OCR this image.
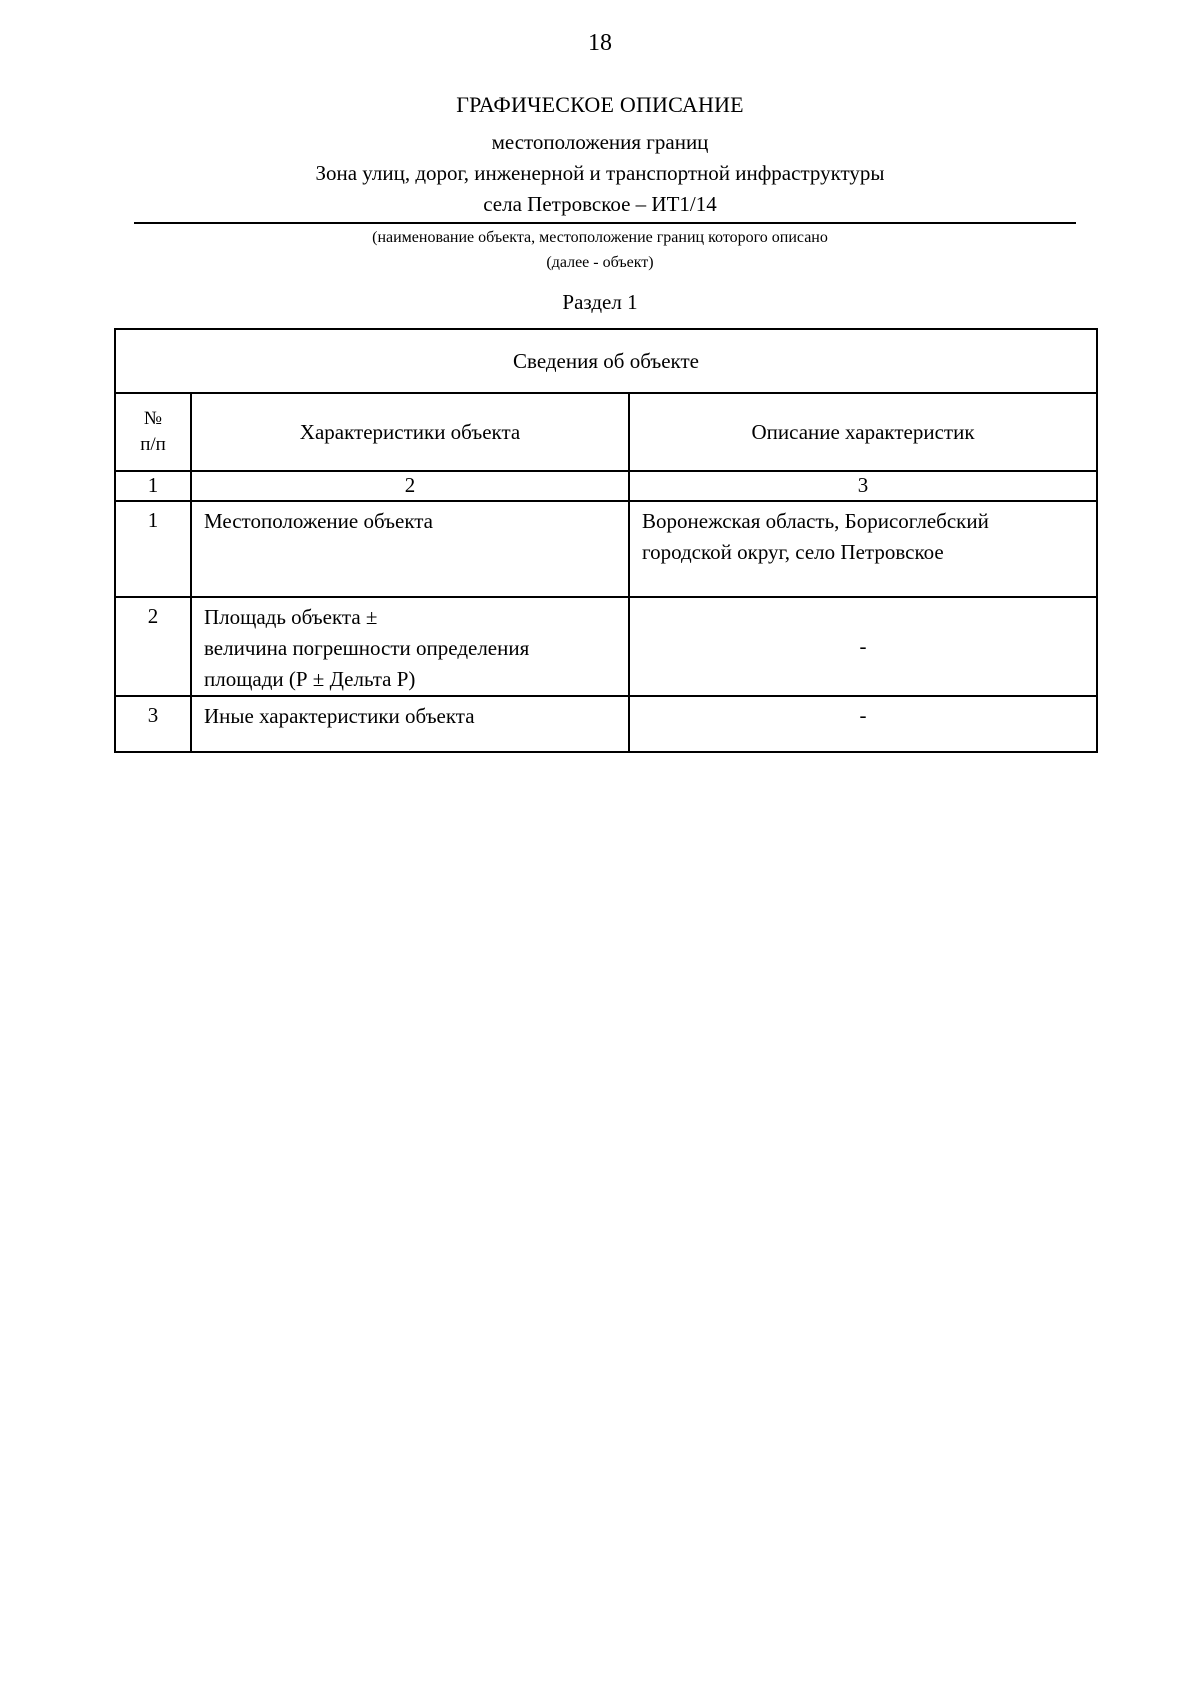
18
ГРАФИЧЕСКОЕ ОПИСАНИЕ
местоположения границ
Зона улиц, дорог, инженерной и транспортной инфраструктуры
села Петровское – ИТ1/14
(наименование объекта, местоположение границ которого описано
(далее - объект)
Раздел 1
Сведения об объекте		

№
п/п	Характеристики объекта	Описание характеристик
1	2	3
1	Местоположение объекта	Воронежская область, Борисоглебский
городской округ, село Петровское

2	Площадь объекта ±
величина погрешности определения
площади (Р ± Дельта Р)	-
3	Иные характеристики объекта	-
